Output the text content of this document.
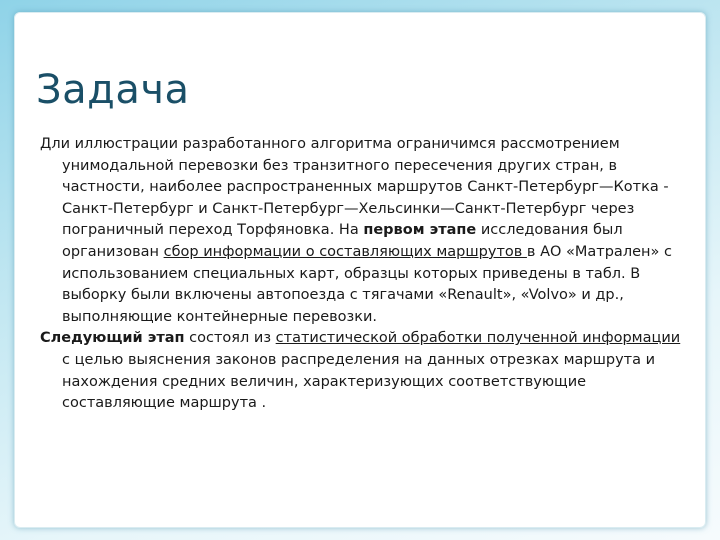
Задача

Дли иллюстрации разработанного алгоритма ограничимся рассмотрением унимодальной перевозки без транзитного пересечения других стран, в частности, наиболее распространенных маршрутов Санкт-Петербург—Котка - Санкт-Петербург и Санкт-Петербург—Хельсинки—Санкт-Петербург через пограничный переход Торфяновка. На первом этапе исследования был организован сбор информации о составляющих маршрутов в АО «Матрален» с использованием специальных карт, образцы которых приведены в табл. В выборку были включены автопоезда с тягачами «Renault», «Volvo» и др., выполняющие контейнерные перевозки.

Следующий этап состоял из статистической обработки полученной информации с целью выяснения законов распределения на данных отрезках маршрута и нахождения средних величин, характеризующих соответствующие составляющие маршрута .
